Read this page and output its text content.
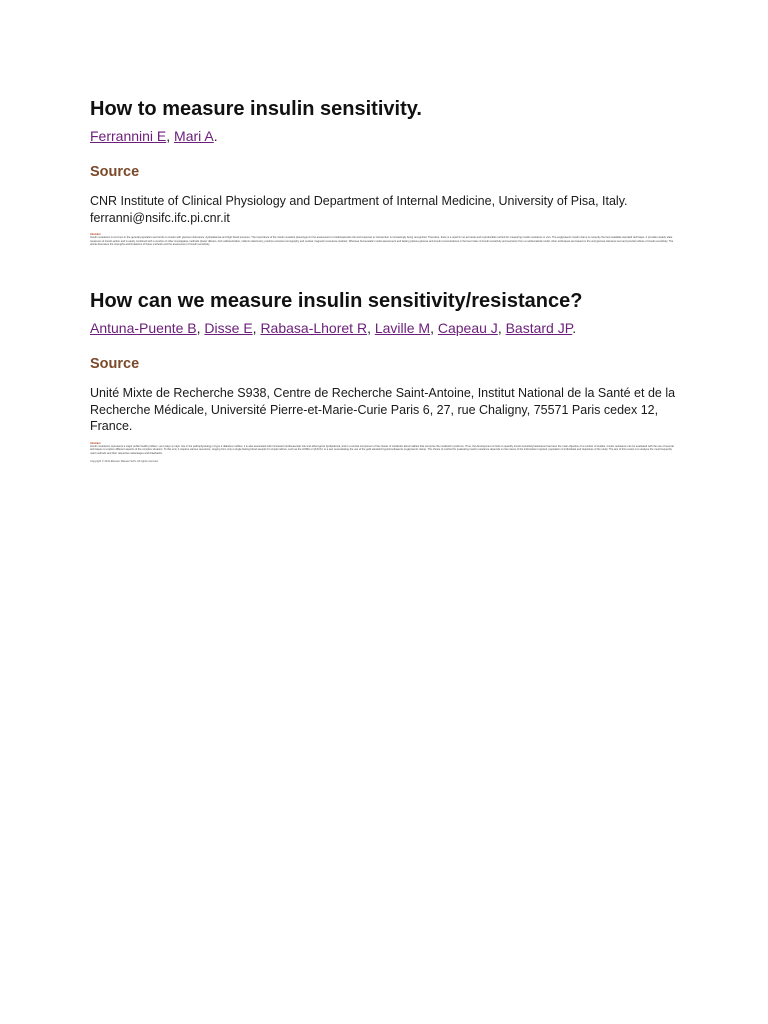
How to measure insulin sensitivity.
Ferrannini E, Mari A.
Source
CNR Institute of Clinical Physiology and Department of Internal Medicine, University of Pisa, Italy.
ferranni@nsifc.ifc.pi.cnr.it
Abstract
Insulin resistance is common in the general population and tends to cluster with glucose intolerance, dyslipidaemia and high blood pressure. The importance of the insulin resistant phenotype for the assessment of cardiovascular risk and response to intervention is increasingly being recognized. Therefore, there is a need for an accurate and reproducible method for measuring insulin resistance in vivo. The euglycaemic insulin clamp is currently the best available standard technique. It provides steady state measures of insulin action and is easily combined with a number of other investigative methods (tracer dilution, limb catheterization, indirect calorimetry, positron emission tomography and nuclear magnetic resonance studies). Whereas homeostatic model assessment and fasting plasma glucose and insulin concentrations is the best index of insulin sensitivity and secretion from a mathematical model, other techniques are based on the oral glucose tolerance test and provide indices of insulin sensitivity. The article discusses the strengths and limitations of these methods and the assessment of insulin sensitivity.
How can we measure insulin sensitivity/resistance?
Antuna-Puente B, Disse E, Rabasa-Lhoret R, Laville M, Capeau J, Bastard JP.
Source
Unité Mixte de Recherche S938, Centre de Recherche Saint-Antoine, Institut National de la Santé et de la Recherche Médicale, Université Pierre-et-Marie-Curie Paris 6, 27, rue Chaligny, 75571 Paris cedex 12, France.
Abstract
Insulin resistance represents a major public health problem, as it plays a major role in the pathophysiology of type 2 diabetes mellitus; it is also associated with increased cardiovascular risk and atherogenic dyslipidemia, and is a central component of the cluster of metabolic abnormalities that comprise the metabolic syndrome. Thus, the development of tools to quantify insulin sensitivity/resistance has been the main objective of a number of studies. Insulin resistance can be evaluated with the use of several techniques to explore different aspects of the complex situation. To this end, it requires various resources, ranging from only a single fasting blood sample for simple indices, such as the HOMA or QUICKI, to a test necessitating the use of the gold standard hyperinsulinaemic euglycaemic clamp. The choice of method for evaluating insulin resistance depends on the nature of the information required, population of individuals and objectives of the study. The aim of this review is to analyse the most frequently used methods and their respective advantages and drawbacks.
Copyright © 2011 Elsevier Masson SAS. All rights reserved.
